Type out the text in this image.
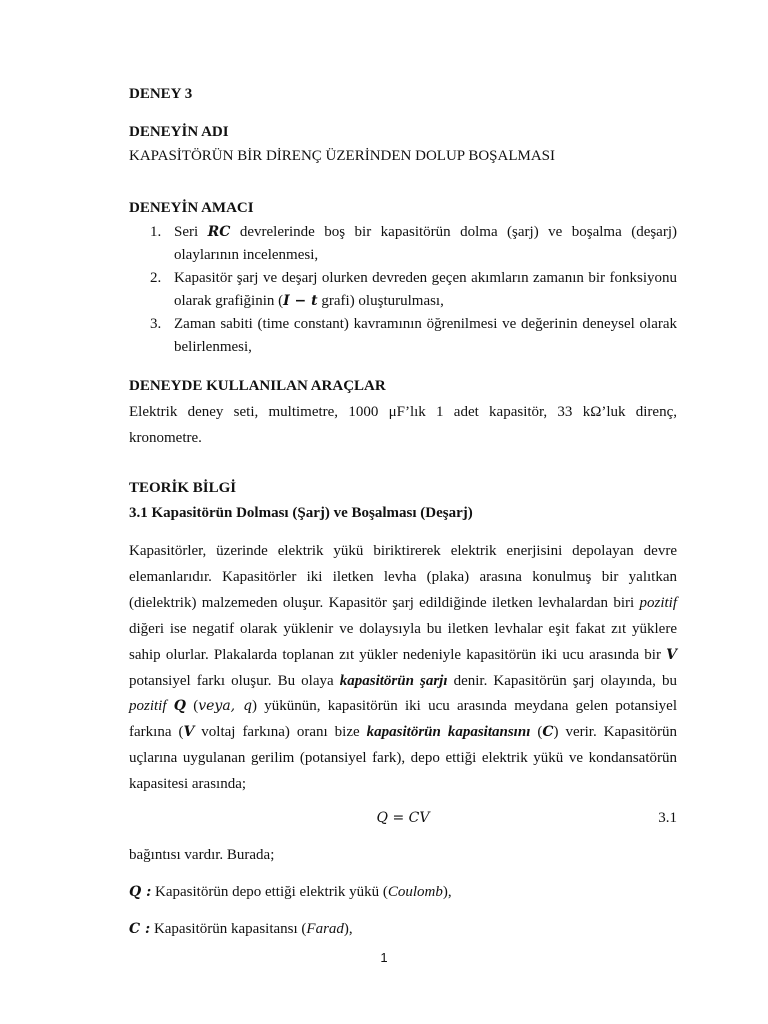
DENEY 3
DENEYİN ADI
KAPASİTÖRÜN BİR DİRENÇ ÜZERİNDEN DOLUP BOŞALMASI
DENEYİN AMACI
1. Seri RC devrelerinde boş bir kapasitörün dolma (şarj) ve boşalma (deşarj) olaylarının incelenmesi,
2. Kapasitör şarj ve deşarj olurken devreden geçen akımların zamanın bir fonksiyonu olarak grafiğinin (I − t grafi) oluşturulması,
3. Zaman sabiti (time constant) kavramının öğrenilmesi ve değerinin deneysel olarak belirlenmesi,
DENEYDE KULLANILAN ARAÇLAR
Elektrik deney seti, multimetre, 1000 μF’lık 1 adet kapasitör, 33 kΩ’luk direnç, kronometre.
TEORİK BİLGİ
3.1 Kapasitörün Dolması (Şarj) ve Boşalması (Deşarj)
Kapasitörler, üzerinde elektrik yükü biriktirerek elektrik enerjisini depolayan devre elemanlarıdır. Kapasitörler iki iletken levha (plaka) arasına konulmuş bir yalıtkan (dielektrik) malzemeden oluşur. Kapasitör şarj edildiğinde iletken levhalardan biri pozitif diğeri ise negatif olarak yüklenir ve dolaysıyla bu iletken levhalar eşit fakat zıt yüklere sahip olurlar. Plakalarda toplanan zıt yükler nedeniyle kapasitörün iki ucu arasında bir V potansiyel farkı oluşur. Bu olaya kapasitörün şarjı denir. Kapasitörün şarj olayında, bu pozitif Q (veya, q) yükünün, kapasitörün iki ucu arasında meydana gelen potansiyel farkına (V voltaj farkına) oranı bize kapasitörün kapasitansını (C) verir. Kapasitörün uçlarına uygulanan gerilim (potansiyel fark), depo ettiği elektrik yükü ve kondansatörün kapasitesi arasında;
Q = CV	3.1
bağıntısı vardır. Burada;
Q : Kapasitörün depo ettiği elektrik yükü (Coulomb),
C : Kapasitörün kapasitansı (Farad),
1
